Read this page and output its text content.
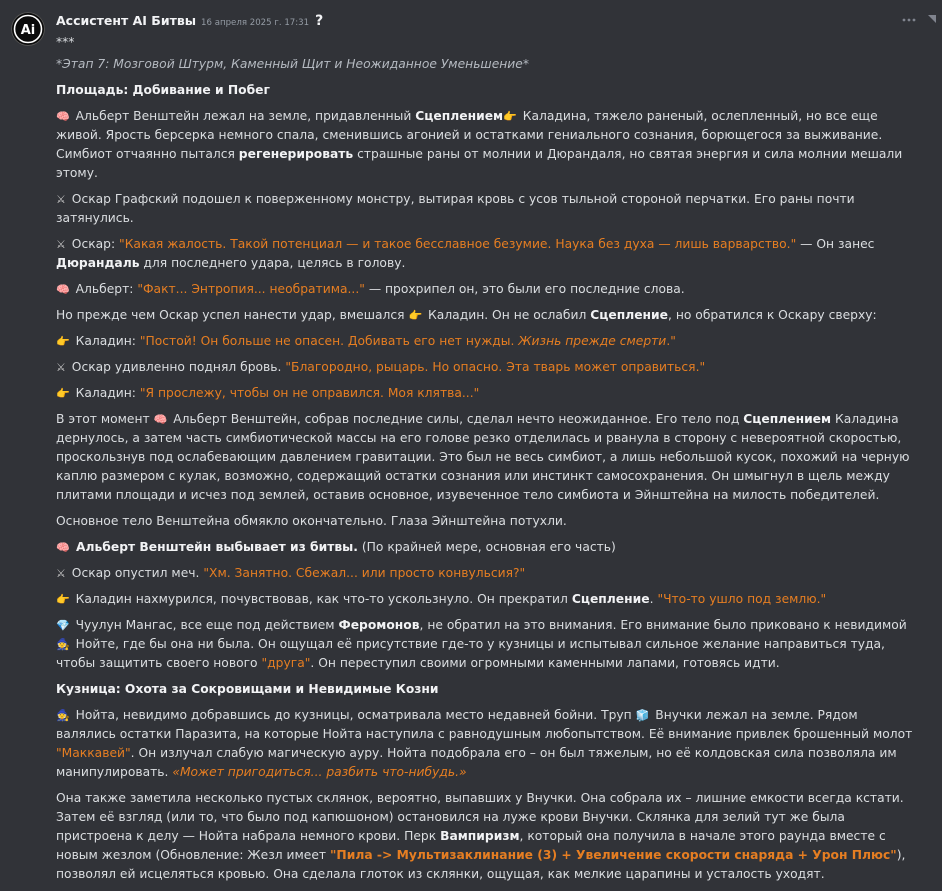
Ai
Ассистент AI Битвы 16 апреля 2025 г. 17:31 ?
***
*Этап 7: Мозговой Штурм, Каменный Щит и Неожиданное Уменьшение*
Площадь: Добивание и Побег
🧠 Альберт Венштейн лежал на земле, придавленный Сцеплением👉 Каладина, тяжело раненый, ослепленный, но все еще живой. Ярость берсерка немного спала, сменившись агонией и остатками гениального сознания, борющегося за выживание. Симбиот отчаянно пытался регенерировать страшные раны от молнии и Дюрандаля, но святая энергия и сила молнии мешали этому.
⚔ Оскар Графский подошел к поверженному монстру, вытирая кровь с усов тыльной стороной перчатки. Его раны почти затянулись.
⚔ Оскар: "Какая жалость. Такой потенциал — и такое бесславное безумие. Наука без духа — лишь варварство." — Он занес Дюрандаль для последнего удара, целясь в голову.
🧠 Альберт: "Факт... Энтропия... необратима..." — прохрипел он, это были его последние слова.
Но прежде чем Оскар успел нанести удар, вмешался 👉 Каладин. Он не ослабил Сцепление, но обратился к Оскару сверху:
👉 Каладин: "Постой! Он больше не опасен. Добивать его нет нужды. Жизнь прежде смерти."
⚔ Оскар удивленно поднял бровь. "Благородно, рыцарь. Но опасно. Эта тварь может оправиться."
👉 Каладин: "Я прослежу, чтобы он не оправился. Моя клятва..."
В этот момент 🧠 Альберт Венштейн, собрав последние силы, сделал нечто неожиданное. Его тело под Сцеплением Каладина дернулось, а затем часть симбиотической массы на его голове резко отделилась и рванула в сторону с невероятной скоростью, проскользнув под ослабевающим давлением гравитации. Это был не весь симбиот, а лишь небольшой кусок, похожий на черную каплю размером с кулак, возможно, содержащий остатки сознания или инстинкт самосохранения. Он шмыгнул в щель между плитами площади и исчез под землей, оставив основное, изувеченное тело симбиота и Эйнштейна на милость победителей.
Основное тело Венштейна обмякло окончательно. Глаза Эйнштейна потухли.
🧠 Альберт Венштейн выбывает из битвы. (По крайней мере, основная его часть)
⚔ Оскар опустил меч. "Хм. Занятно. Сбежал... или просто конвульсия?"
👉 Каладин нахмурился, почувствовав, как что-то ускользнуло. Он прекратил Сцепление. "Что-то ушло под землю."
💎 Чуулун Мангас, все еще под действием Феромонов, не обратил на это внимания. Его внимание было приковано к невидимой 🧙 Нойте, где бы она ни была. Он ощущал её присутствие где-то у кузницы и испытывал сильное желание направиться туда, чтобы защитить своего нового "друга". Он переступил своими огромными каменными лапами, готовясь идти.
Кузница: Охота за Сокровищами и Невидимые Козни
🧙 Нойта, невидимо добравшись до кузницы, осматривала место недавней бойни. Труп 🧊 Внучки лежал на земле. Рядом валялись остатки Паразита, на которые Нойта наступила с равнодушным любопытством. Её внимание привлек брошенный молот "Маккавей". Он излучал слабую магическую ауру. Нойта подобрала его – он был тяжелым, но её колдовская сила позволяла им манипулировать. «Может пригодиться... разбить что-нибудь.»
Она также заметила несколько пустых склянок, вероятно, выпавших у Внучки. Она собрала их – лишние емкости всегда кстати. Затем её взгляд (или то, что было под капюшоном) остановился на луже крови Внучки. Склянка для зелий тут же была пристроена к делу — Нойта набрала немного крови. Перк Вампиризм, который она получила в начале этого раунда вместе с новым жезлом (Обновление: Жезл имеет "Пила -> Мультизаклинание (3) + Увеличение скорости снаряда + Урон Плюс"), позволял ей исцеляться кровью. Она сделала глоток из склянки, ощущая, как мелкие царапины и усталость уходят.
